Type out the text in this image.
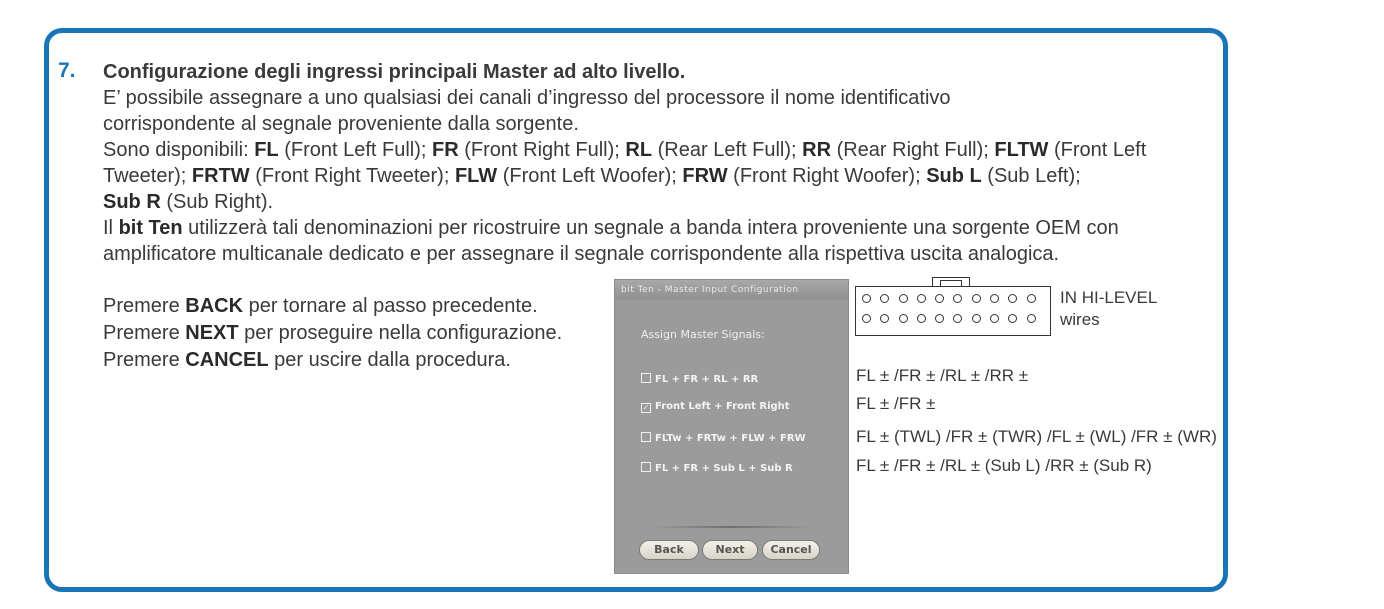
7. Configurazione degli ingressi principali Master ad alto livello.

E’ possibile assegnare a uno qualsiasi dei canali d’ingresso del processore il nome identificativo

corrispondente al segnale proveniente dalla sorgente.

Sono disponibili: FL (Front Left Full); FR (Front Right Full); RL (Rear Left Full); RR (Rear Right Full); FLTW (Front Left Tweeter); FRTW (Front Right Tweeter); FLW (Front Left Woofer); FRW (Front Right Woofer); Sub L (Sub Left);
Sub R (Sub Right).

Il bit Ten utilizzerà tali denominazioni per ricostruire un segnale a banda intera proveniente una sorgente OEM con amplificatore multicanale dedicato e per assegnare il segnale corrispondente alla rispettiva uscita analogica.

Premere BACK per tornare al passo precedente.

Premere NEXT per proseguire nella configurazione.

Premere CANCEL per uscire dalla procedura.

bit Ten - Master Input Configuration
Assign Master Signals:
FL + FR + RL + RR
✓ Front Left + Front Right
FLTw + FRTw + FLW + FRW
FL + FR + Sub L + Sub R
Back	Next	Cancel
IN HI-LEVEL
wires
FL ± /FR ± /RL ± /RR ±
FL ± /FR ±
FL ± (TWL) /FR ± (TWR) /FL ± (WL) /FR ± (WR)
FL ± /FR ± /RL ± (Sub L) /RR ± (Sub R)
